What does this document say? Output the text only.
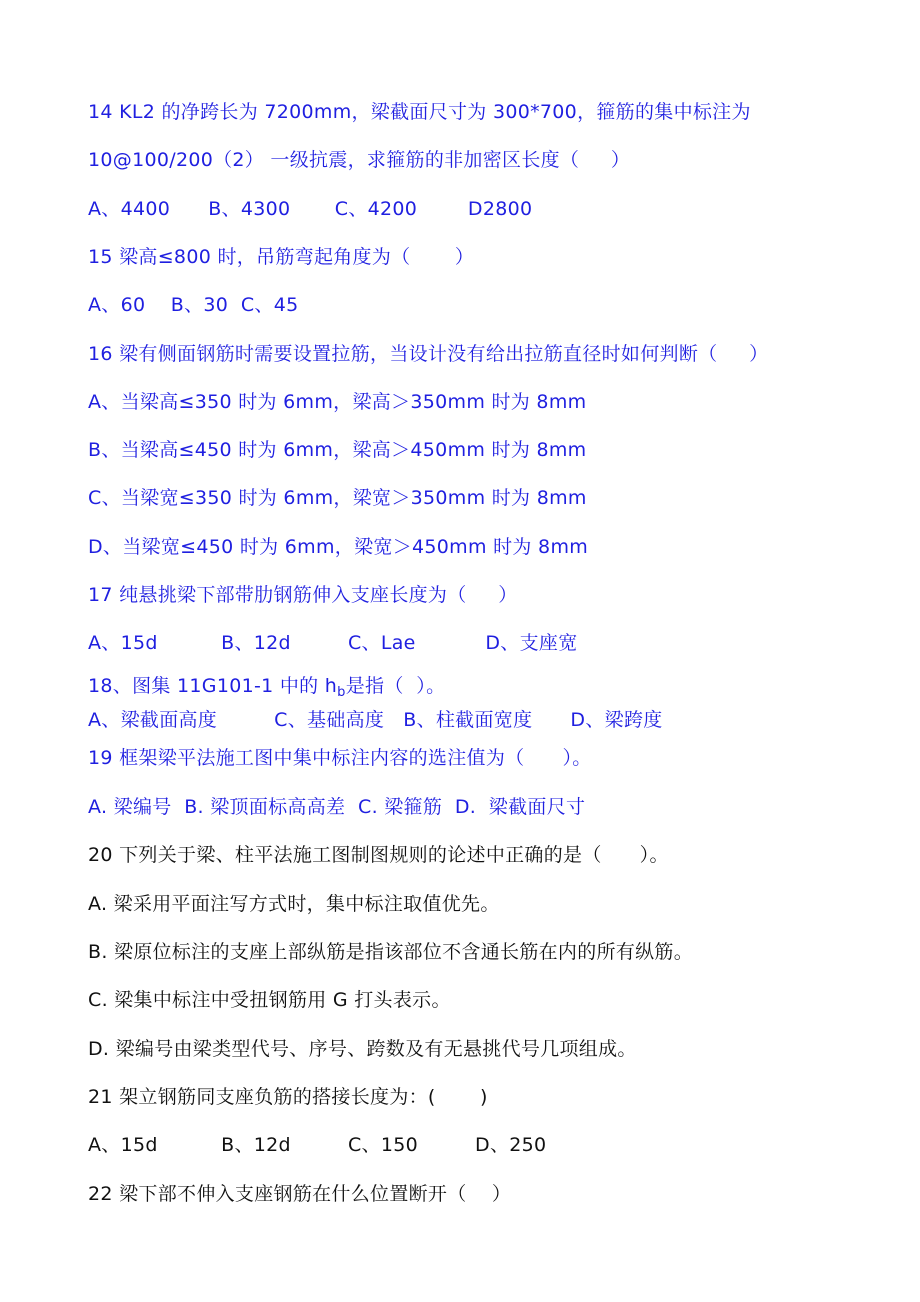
14 KL2 的净跨长为 7200mm，梁截面尺寸为 300*700，箍筋的集中标注为
10@100/200（2） 一级抗震，求箍筋的非加密区长度（     ）
A、4400      B、4300       C、4200        D2800
15 梁高≤800 时，吊筋弯起角度为（       ）
A、60    B、30  C、45
16 梁有侧面钢筋时需要设置拉筋，当设计没有给出拉筋直径时如何判断（     ）
A、当梁高≤350 时为 6mm，梁高＞350mm 时为 8mm
B、当梁高≤450 时为 6mm，梁高＞450mm 时为 8mm
C、当梁宽≤350 时为 6mm，梁宽＞350mm 时为 8mm
D、当梁宽≤450 时为 6mm，梁宽＞450mm 时为 8mm
17 纯悬挑梁下部带肋钢筋伸入支座长度为（     ）
A、15d          B、12d         C、Lae           D、支座宽
18、图集 11G101-1 中的 $h_b$是指（  ）。
A、梁截面高度         C、基础高度   B、柱截面宽度      D、梁跨度
19 框架梁平法施工图中集中标注内容的选注值为（      ）。
A. 梁编号  B. 梁顶面标高高差  C. 梁箍筋  D.  梁截面尺寸
20 下列关于梁、柱平法施工图制图规则的论述中正确的是（      ）。
A. 梁采用平面注写方式时，集中标注取值优先。
B. 梁原位标注的支座上部纵筋是指该部位不含通长筋在内的所有纵筋。
C. 梁集中标注中受扭钢筋用 G 打头表示。
D. 梁编号由梁类型代号、序号、跨数及有无悬挑代号几项组成。
21 架立钢筋同支座负筋的搭接长度为：(       )
A、15d          B、12d         C、150         D、250
22 梁下部不伸入支座钢筋在什么位置断开（    ）
